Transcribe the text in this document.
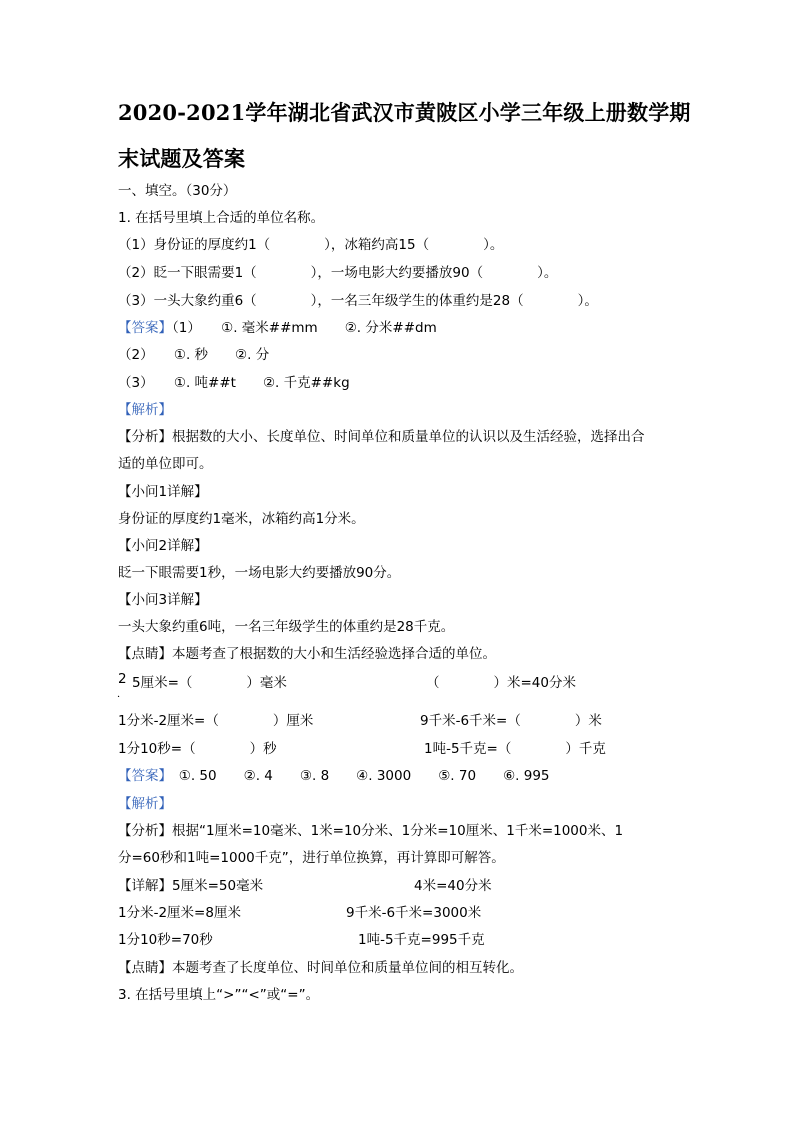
2020-2021学年湖北省武汉市黄陂区小学三年级上册数学期
末试题及答案
一、填空。（30分）
1. 在括号里填上合适的单位名称。
（1）身份证的厚度约1（　　　　），冰箱约高15（　　　　）。
（2）眨一下眼需要1（　　　　），一场电影大约要播放90（　　　　）。
（3）一头大象约重6（　　　　），一名三年级学生的体重约是28（　　　　）。
【答案】（1）　　①. 毫米##mm　　②. 分米##dm
（2）　　①. 秒　　②. 分
（3）　　①. 吨##t　　②. 千克##kg
【解析】
【分析】根据数的大小、长度单位、时间单位和质量单位的认识以及生活经验，选择出合
适的单位即可。
【小问1详解】
身份证的厚度约1毫米，冰箱约高1分米。
【小问2详解】
眨一下眼需要1秒，一场电影大约要播放90分。
【小问3详解】
一头大象约重6吨，一名三年级学生的体重约是28千克。
【点睛】本题考查了根据数的大小和生活经验选择合适的单位。
2
．
5厘米=（　　　　）毫米	（　　　　）米=40分米
1分米-2厘米=（　　　　）厘米	9千米-6千米=（　　　　）米
1分10秒=（　　　　）秒	1吨-5千克=（　　　　）千克
【答案】　①. 50　　②. 4　　③. 8　　④. 3000　　⑤. 70　　⑥. 995
【解析】
【分析】根据“1厘米=10毫米、1米=10分米、1分米=10厘米、1千米=1000米、1
分=60秒和1吨=1000千克”，进行单位换算，再计算即可解答。
【详解】5厘米=50毫米	4米=40分米
1分米-2厘米=8厘米	9千米-6千米=3000米
1分10秒=70秒	1吨-5千克=995千克
【点睛】本题考查了长度单位、时间单位和质量单位间的相互转化。
3. 在括号里填上“>”“<”或“=”。
